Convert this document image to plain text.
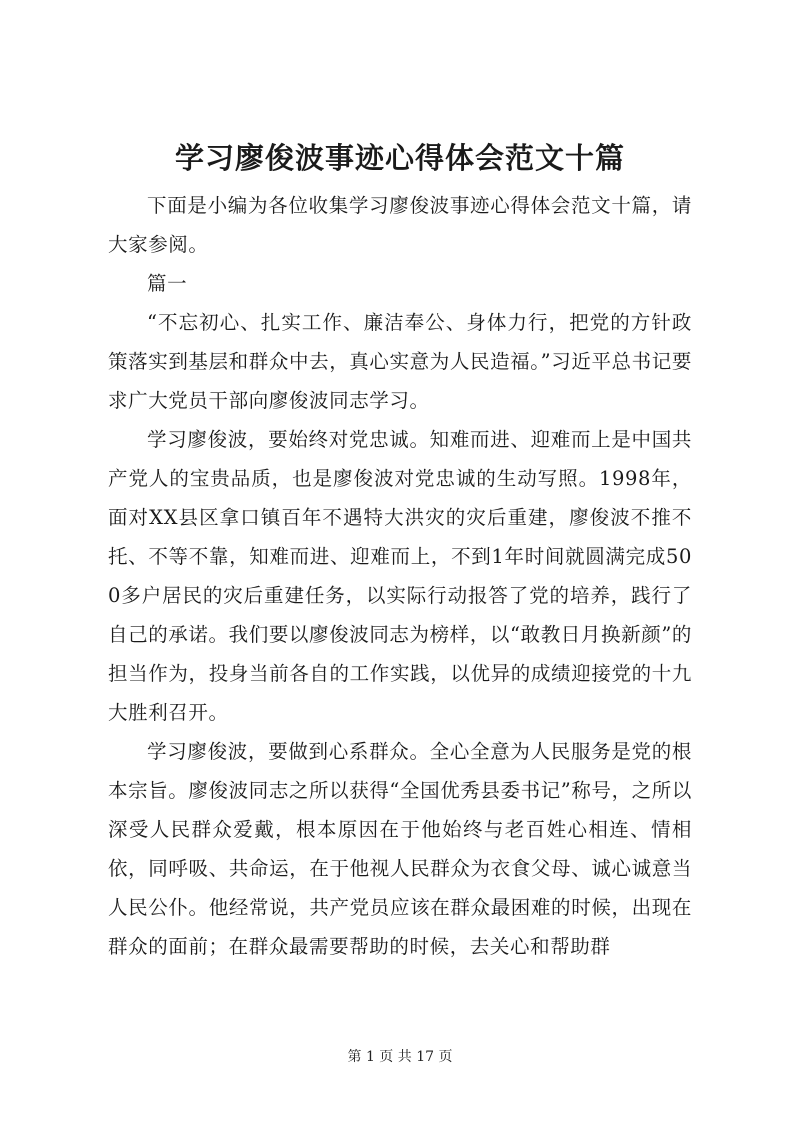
学习廖俊波事迹心得体会范文十篇

下面是小编为各位收集学习廖俊波事迹心得体会范文十篇，请大家参阅。

篇一

“不忘初心、扎实工作、廉洁奉公、身体力行，把党的方针政策落实到基层和群众中去，真心实意为人民造福。”习近平总书记要求广大党员干部向廖俊波同志学习。

学习廖俊波，要始终对党忠诚。知难而进、迎难而上是中国共产党人的宝贵品质，也是廖俊波对党忠诚的生动写照。1998年，面对XX县区拿口镇百年不遇特大洪灾的灾后重建，廖俊波不推不托、不等不靠，知难而进、迎难而上，不到1年时间就圆满完成500多户居民的灾后重建任务，以实际行动报答了党的培养，践行了自己的承诺。我们要以廖俊波同志为榜样，以“敢教日月换新颜”的担当作为，投身当前各自的工作实践，以优异的成绩迎接党的十九大胜利召开。

学习廖俊波，要做到心系群众。全心全意为人民服务是党的根本宗旨。廖俊波同志之所以获得“全国优秀县委书记”称号，之所以深受人民群众爱戴，根本原因在于他始终与老百姓心相连、情相依，同呼吸、共命运，在于他视人民群众为衣食父母、诚心诚意当人民公仆。他经常说，共产党员应该在群众最困难的时候，出现在群众的面前；在群众最需要帮助的时候，去关心和帮助群

第 1 页 共 17 页
